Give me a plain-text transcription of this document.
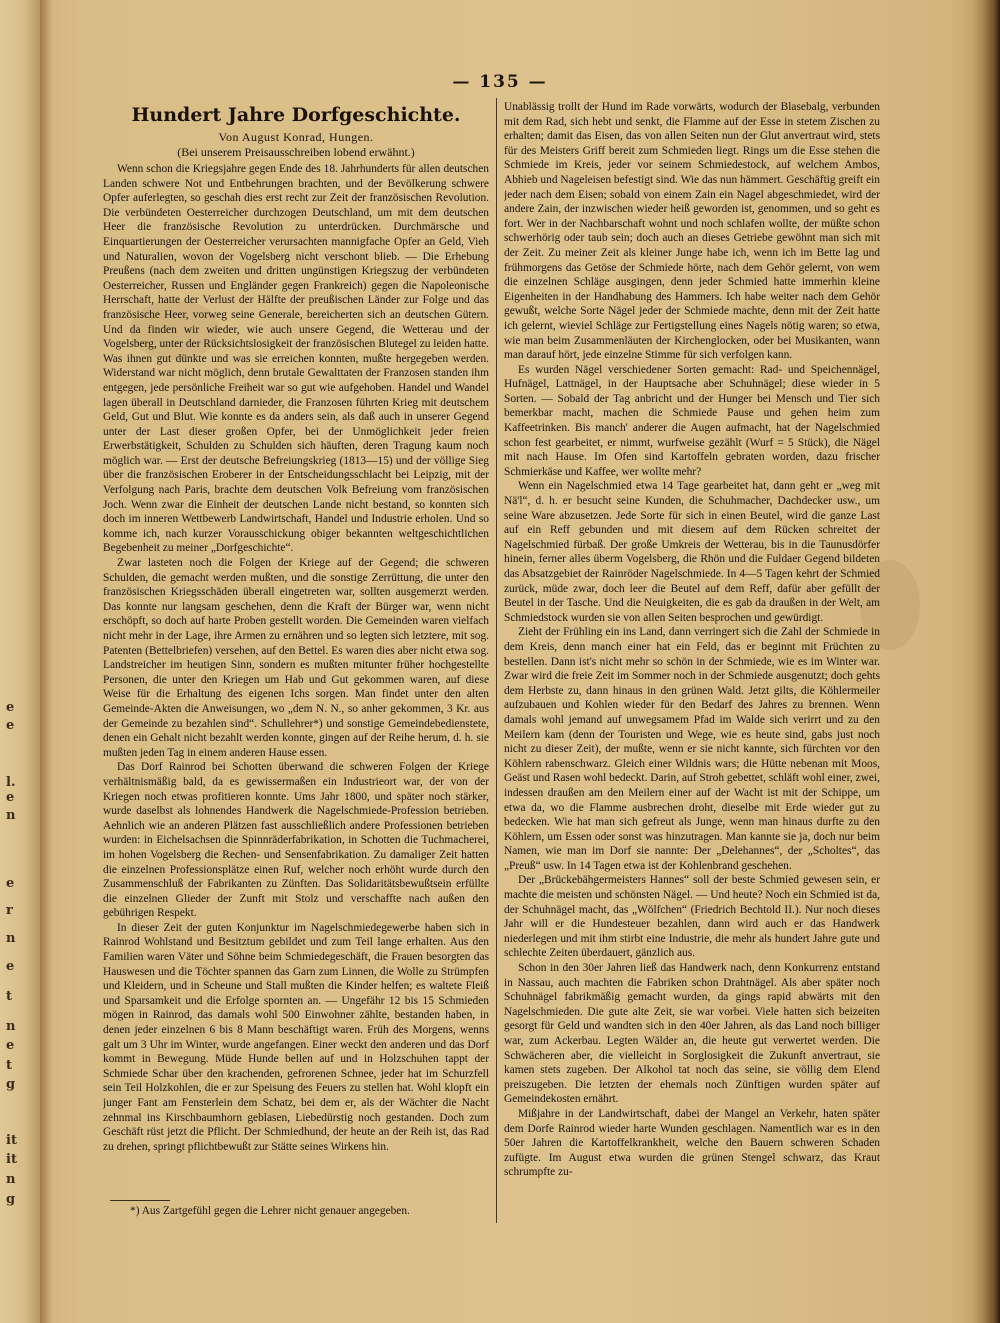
e
e
l.
e
n
e
r
n
e
t
n
e
t
g
it
it
n
g
— 135 —
Hundert Jahre Dorfgeschichte.
Von August Konrad, Hungen.
(Bei unserem Preisausschreiben lobend erwähnt.)

Wenn schon die Kriegsjahre gegen Ende des 18. Jahrhunderts für allen deutschen Landen schwere Not und Entbehrungen brachten, und der Bevölkerung schwere Opfer auferlegten, so geschah dies erst recht zur Zeit der französischen Revolution. Die verbündeten Oesterreicher durchzogen Deutschland, um mit dem deutschen Heer die französische Revolution zu unterdrücken. Durchmärsche und Einquartierungen der Oesterreicher verursachten mannigfache Opfer an Geld, Vieh und Naturalien, wovon der Vogelsberg nicht verschont blieb. — Die Erhebung Preußens (nach dem zweiten und dritten ungünstigen Kriegszug der verbündeten Oesterreicher, Russen und Engländer gegen Frankreich) gegen die Napoleonische Herrschaft, hatte der Verlust der Hälfte der preußischen Länder zur Folge und das französische Heer, vorweg seine Generale, bereicherten sich an deutschen Gütern. Und da finden wir wieder, wie auch unsere Gegend, die Wetterau und der Vogelsberg, unter der Rücksichtslosigkeit der französischen Blutegel zu leiden hatte. Was ihnen gut dünkte und was sie erreichen konnten, mußte hergegeben werden. Widerstand war nicht möglich, denn brutale Gewalttaten der Franzosen standen ihm entgegen, jede persönliche Freiheit war so gut wie aufgehoben. Handel und Wandel lagen überall in Deutschland darnieder, die Franzosen führten Krieg mit deutschem Geld, Gut und Blut. Wie konnte es da anders sein, als daß auch in unserer Gegend unter der Last dieser großen Opfer, bei der Unmöglichkeit jeder freien Erwerbstätigkeit, Schulden zu Schulden sich häuften, deren Tragung kaum noch möglich war. — Erst der deutsche Befreiungskrieg (1813—15) und der völlige Sieg über die französischen Eroberer in der Entscheidungsschlacht bei Leipzig, mit der Verfolgung nach Paris, brachte dem deutschen Volk Befreiung vom französischen Joch. Wenn zwar die Einheit der deutschen Lande nicht bestand, so konnten sich doch im inneren Wettbewerb Landwirtschaft, Handel und Industrie erholen. Und so komme ich, nach kurzer Vorausschickung obiger bekannten weltgeschichtlichen Begebenheit zu meiner „Dorfgeschichte“.

Zwar lasteten noch die Folgen der Kriege auf der Gegend; die schweren Schulden, die gemacht werden mußten, und die sonstige Zerrüttung, die unter den französischen Kriegsschäden überall eingetreten war, sollten ausgemerzt werden. Das konnte nur langsam geschehen, denn die Kraft der Bürger war, wenn nicht erschöpft, so doch auf harte Proben gestellt worden. Die Gemeinden waren vielfach nicht mehr in der Lage, ihre Armen zu ernähren und so legten sich letztere, mit sog. Patenten (Bettelbriefen) versehen, auf den Bettel. Es waren dies aber nicht etwa sog. Landstreicher im heutigen Sinn, sondern es mußten mitunter früher hochgestellte Personen, die unter den Kriegen um Hab und Gut gekommen waren, auf diese Weise für die Erhaltung des eigenen Ichs sorgen. Man findet unter den alten Gemeinde-Akten die Anweisungen, wo „dem N. N., so anher gekommen, 3 Kr. aus der Gemeinde zu bezahlen sind“. Schullehrer*) und sonstige Gemeindebedienstete, denen ein Gehalt nicht bezahlt werden konnte, gingen auf der Reihe herum, d. h. sie mußten jeden Tag in einem anderen Hause essen.

Das Dorf Rainrod bei Schotten überwand die schweren Folgen der Kriege verhältnismäßig bald, da es gewissermaßen ein Industrieort war, der von der Kriegen noch etwas profitieren konnte. Ums Jahr 1800, und später noch stärker, wurde daselbst als lohnendes Handwerk die Nagelschmiede-Profession betrieben. Aehnlich wie an anderen Plätzen fast ausschließlich andere Professionen betrieben wurden: in Eichelsachsen die Spinnräderfabrikation, in Schotten die Tuchmacherei, im hohen Vogelsberg die Rechen- und Sensenfabrikation. Zu damaliger Zeit hatten die einzelnen Professionsplätze einen Ruf, welcher noch erhöht wurde durch den Zusammenschluß der Fabrikanten zu Zünften. Das Solidaritätsbewußtsein erfüllte die einzelnen Glieder der Zunft mit Stolz und verschaffte nach außen den gebührigen Respekt.

In dieser Zeit der guten Konjunktur im Nagelschmiedegewerbe haben sich in Rainrod Wohlstand und Besitztum gebildet und zum Teil lange erhalten. Aus den Familien waren Väter und Söhne beim Schmiedegeschäft, die Frauen besorgten das Hauswesen und die Töchter spannen das Garn zum Linnen, die Wolle zu Strümpfen und Kleidern, und in Scheune und Stall mußten die Kinder helfen; es waltete Fleiß und Sparsamkeit und die Erfolge spornten an. — Ungefähr 12 bis 15 Schmieden mögen in Rainrod, das damals wohl 500 Einwohner zählte, bestanden haben, in denen jeder einzelnen 6 bis 8 Mann beschäftigt waren. Früh des Morgens, wenns galt um 3 Uhr im Winter, wurde angefangen. Einer weckt den anderen und das Dorf kommt in Bewegung. Müde Hunde bellen auf und in Holzschuhen tappt der Schmiede Schar über den krachenden, gefrorenen Schnee, jeder hat im Schurzfell sein Teil Holzkohlen, die er zur Speisung des Feuers zu stellen hat. Wohl klopft ein junger Fant am Fensterlein dem Schatz, bei dem er, als der Wächter die Nacht zehnmal ins Kirschbaumhorn geblasen, Liebedürstig noch gestanden. Doch zum Geschäft rüst jetzt die Pflicht. Der Schmiedhund, der heute an der Reih ist, das Rad zu drehen, springt pflichtbewußt zur Stätte seines Wirkens hin.

Unablässig trollt der Hund im Rade vorwärts, wodurch der Blasebalg, verbunden mit dem Rad, sich hebt und senkt, die Flamme auf der Esse in stetem Zischen zu erhalten; damit das Eisen, das von allen Seiten nun der Glut anvertraut wird, stets für des Meisters Griff bereit zum Schmieden liegt. Rings um die Esse stehen die Schmiede im Kreis, jeder vor seinem Schmiedestock, auf welchem Ambos, Abhieb und Nageleisen befestigt sind. Wie das nun hämmert. Geschäftig greift ein jeder nach dem Eisen; sobald von einem Zain ein Nagel abgeschmiedet, wird der andere Zain, der inzwischen wieder heiß geworden ist, genommen, und so geht es fort. Wer in der Nachbarschaft wohnt und noch schlafen wollte, der müßte schon schwerhörig oder taub sein; doch auch an dieses Getriebe gewöhnt man sich mit der Zeit. Zu meiner Zeit als kleiner Junge habe ich, wenn ich im Bette lag und frühmorgens das Getöse der Schmiede hörte, nach dem Gehör gelernt, von wem die einzelnen Schläge ausgingen, denn jeder Schmied hatte immerhin kleine Eigenheiten in der Handhabung des Hammers. Ich habe weiter nach dem Gehör gewußt, welche Sorte Nägel jeder der Schmiede machte, denn mit der Zeit hatte ich gelernt, wieviel Schläge zur Fertigstellung eines Nagels nötig waren; so etwa, wie man beim Zusammenläuten der Kirchenglocken, oder bei Musikanten, wann man darauf hört, jede einzelne Stimme für sich verfolgen kann.

Es wurden Nägel verschiedener Sorten gemacht: Rad- und Speichennägel, Hufnägel, Lattnägel, in der Hauptsache aber Schuhnägel; diese wieder in 5 Sorten. — Sobald der Tag anbricht und der Hunger bei Mensch und Tier sich bemerkbar macht, machen die Schmiede Pause und gehen heim zum Kaffeetrinken. Bis manch' anderer die Augen aufmacht, hat der Nagelschmied schon fest gearbeitet, er nimmt, wurfweise gezählt (Wurf = 5 Stück), die Nägel mit nach Hause. Im Ofen sind Kartoffeln gebraten worden, dazu frischer Schmierkäse und Kaffee, wer wollte mehr?

Wenn ein Nagelschmied etwa 14 Tage gearbeitet hat, dann geht er „weg mit Nä'l“, d. h. er besucht seine Kunden, die Schuhmacher, Dachdecker usw., um seine Ware abzusetzen. Jede Sorte für sich in einen Beutel, wird die ganze Last auf ein Reff gebunden und mit diesem auf dem Rücken schreitet der Nagelschmied fürbaß. Der große Umkreis der Wetterau, bis in die Taunusdörfer hinein, ferner alles überm Vogelsberg, die Rhön und die Fuldaer Gegend bildeten das Absatzgebiet der Rainröder Nagelschmiede. In 4—5 Tagen kehrt der Schmied zurück, müde zwar, doch leer die Beutel auf dem Reff, dafür aber gefüllt der Beutel in der Tasche. Und die Neuigkeiten, die es gab da draußen in der Welt, am Schmiedstock wurden sie von allen Seiten besprochen und gewürdigt.

Zieht der Frühling ein ins Land, dann verringert sich die Zahl der Schmiede in dem Kreis, denn manch einer hat ein Feld, das er beginnt mit Früchten zu bestellen. Dann ist's nicht mehr so schön in der Schmiede, wie es im Winter war. Zwar wird die freie Zeit im Sommer noch in der Schmiede ausgenutzt; doch gehts dem Herbste zu, dann hinaus in den grünen Wald. Jetzt gilts, die Köhlermeiler aufzubauen und Kohlen wieder für den Bedarf des Jahres zu brennen. Wenn damals wohl jemand auf unwegsamem Pfad im Walde sich verirrt und zu den Meilern kam (denn der Touristen und Wege, wie es heute sind, gabs just noch nicht zu dieser Zeit), der mußte, wenn er sie nicht kannte, sich fürchten vor den Köhlern rabenschwarz. Gleich einer Wildnis wars; die Hütte nebenan mit Moos, Geäst und Rasen wohl bedeckt. Darin, auf Stroh gebettet, schläft wohl einer, zwei, indessen draußen am den Meilern einer auf der Wacht ist mit der Schippe, um etwa da, wo die Flamme ausbrechen droht, dieselbe mit Erde wieder gut zu bedecken. Wie hat man sich gefreut als Junge, wenn man hinaus durfte zu den Köhlern, um Essen oder sonst was hinzutragen. Man kannte sie ja, doch nur beim Namen, wie man im Dorf sie nannte: Der „Delehannes“, der „Scholtes“, das „Preuß“ usw. In 14 Tagen etwa ist der Kohlenbrand geschehen.

Der „Brückebähgermeisters Hannes“ soll der beste Schmied gewesen sein, er machte die meisten und schönsten Nägel. — Und heute? Noch ein Schmied ist da, der Schuhnägel macht, das „Wölfchen“ (Friedrich Bechtold II.). Nur noch dieses Jahr will er die Hundesteuer bezahlen, dann wird auch er das Handwerk niederlegen und mit ihm stirbt eine Industrie, die mehr als hundert Jahre gute und schlechte Zeiten überdauert, gänzlich aus.

Schon in den 30er Jahren ließ das Handwerk nach, denn Konkurrenz entstand in Nassau, auch machten die Fabriken schon Drahtnägel. Als aber später noch Schuhnägel fabrikmäßig gemacht wurden, da gings rapid abwärts mit den Nagelschmieden. Die gute alte Zeit, sie war vorbei. Viele hatten sich beizeiten gesorgt für Geld und wandten sich in den 40er Jahren, als das Land noch billiger war, zum Ackerbau. Legten Wälder an, die heute gut verwertet werden. Die Schwächeren aber, die vielleicht in Sorglosigkeit die Zukunft anvertraut, sie kamen stets zugeben. Der Alkohol tat noch das seine, sie völlig dem Elend preiszugeben. Die letzten der ehemals noch Zünftigen wurden später auf Gemeindekosten ernährt.

Mißjahre in der Landwirtschaft, dabei der Mangel an Verkehr, haten später dem Dorfe Rainrod wieder harte Wunden geschlagen. Namentlich war es in den 50er Jahren die Kartoffelkrankheit, welche den Bauern schweren Schaden zufügte. Im August etwa wurden die grünen Stengel schwarz, das Kraut schrumpfte zu-

*) Aus Zartgefühl gegen die Lehrer nicht genauer angegeben.
